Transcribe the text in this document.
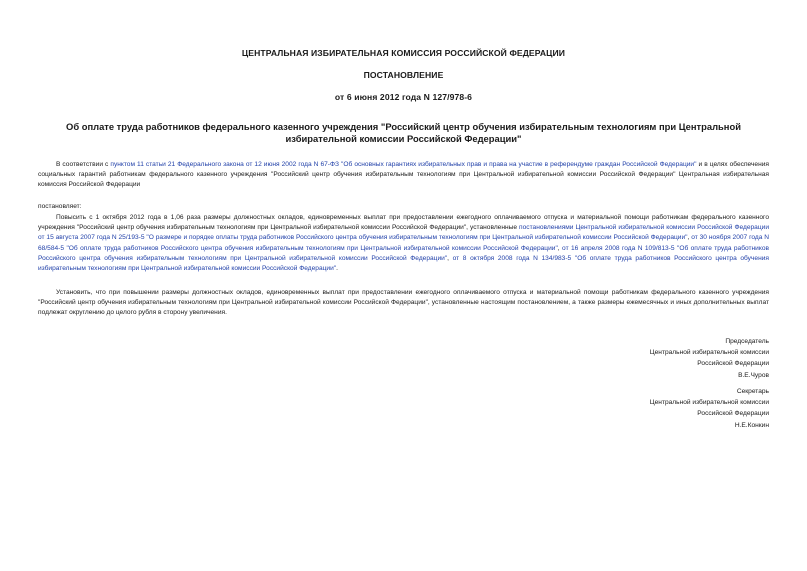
ЦЕНТРАЛЬНАЯ ИЗБИРАТЕЛЬНАЯ КОМИССИЯ РОССИЙСКОЙ ФЕДЕРАЦИИ
ПОСТАНОВЛЕНИЕ
от 6 июня 2012 года N 127/978-6
Об оплате труда работников федерального казенного учреждения "Российский центр обучения избирательным технологиям при Центральной избирательной комиссии Российской Федерации"
В соответствии с пунктом 11 статьи 21 Федерального закона от 12 июня 2002 года N 67-ФЗ "Об основных гарантиях избирательных прав и права на участие в референдуме граждан Российской Федерации" и в целях обеспечения социальных гарантий работникам федерального казенного учреждения "Российский центр обучения избирательным технологиям при Центральной избирательной комиссии Российской Федерации" Центральная избирательная комиссия Российской Федерации
постановляет:
Повысить с 1 октября 2012 года в 1,06 раза размеры должностных окладов, единовременных выплат при предоставлении ежегодного оплачиваемого отпуска и материальной помощи работникам федерального казенного учреждения "Российский центр обучения избирательным технологиям при Центральной избирательной комиссии Российской Федерации", установленные постановлениями Центральной избирательной комиссии Российской Федерации от 15 августа 2007 года N 25/193-5 "О размере и порядке оплаты труда работников Российского центра обучения избирательным технологиям при Центральной избирательной комиссии Российской Федерации", от 30 ноября 2007 года N 68/584-5 "Об оплате труда работников Российского центра обучения избирательным технологиям при Центральной избирательной комиссии Российской Федерации", от 16 апреля 2008 года N 109/813-5 "Об оплате труда работников Российского центра обучения избирательным технологиям при Центральной избирательной комиссии Российской Федерации", от 8 октября 2008 года N 134/983-5 "Об оплате труда работников Российского центра обучения избирательным технологиям при Центральной избирательной комиссии Российской Федерации".
Установить, что при повышении размеры должностных окладов, единовременных выплат при предоставлении ежегодного оплачиваемого отпуска и материальной помощи работникам федерального казенного учреждения "Российский центр обучения избирательным технологиям при Центральной избирательной комиссии Российской Федерации", установленные настоящим постановлением, а также размеры ежемесячных и иных дополнительных выплат подлежат округлению до целого рубля в сторону увеличения.
Председатель
Центральной избирательной комиссии
Российской Федерации
В.Е.Чуров
Секретарь
Центральной избирательной комиссии
Российской Федерации
Н.Е.Конкин
